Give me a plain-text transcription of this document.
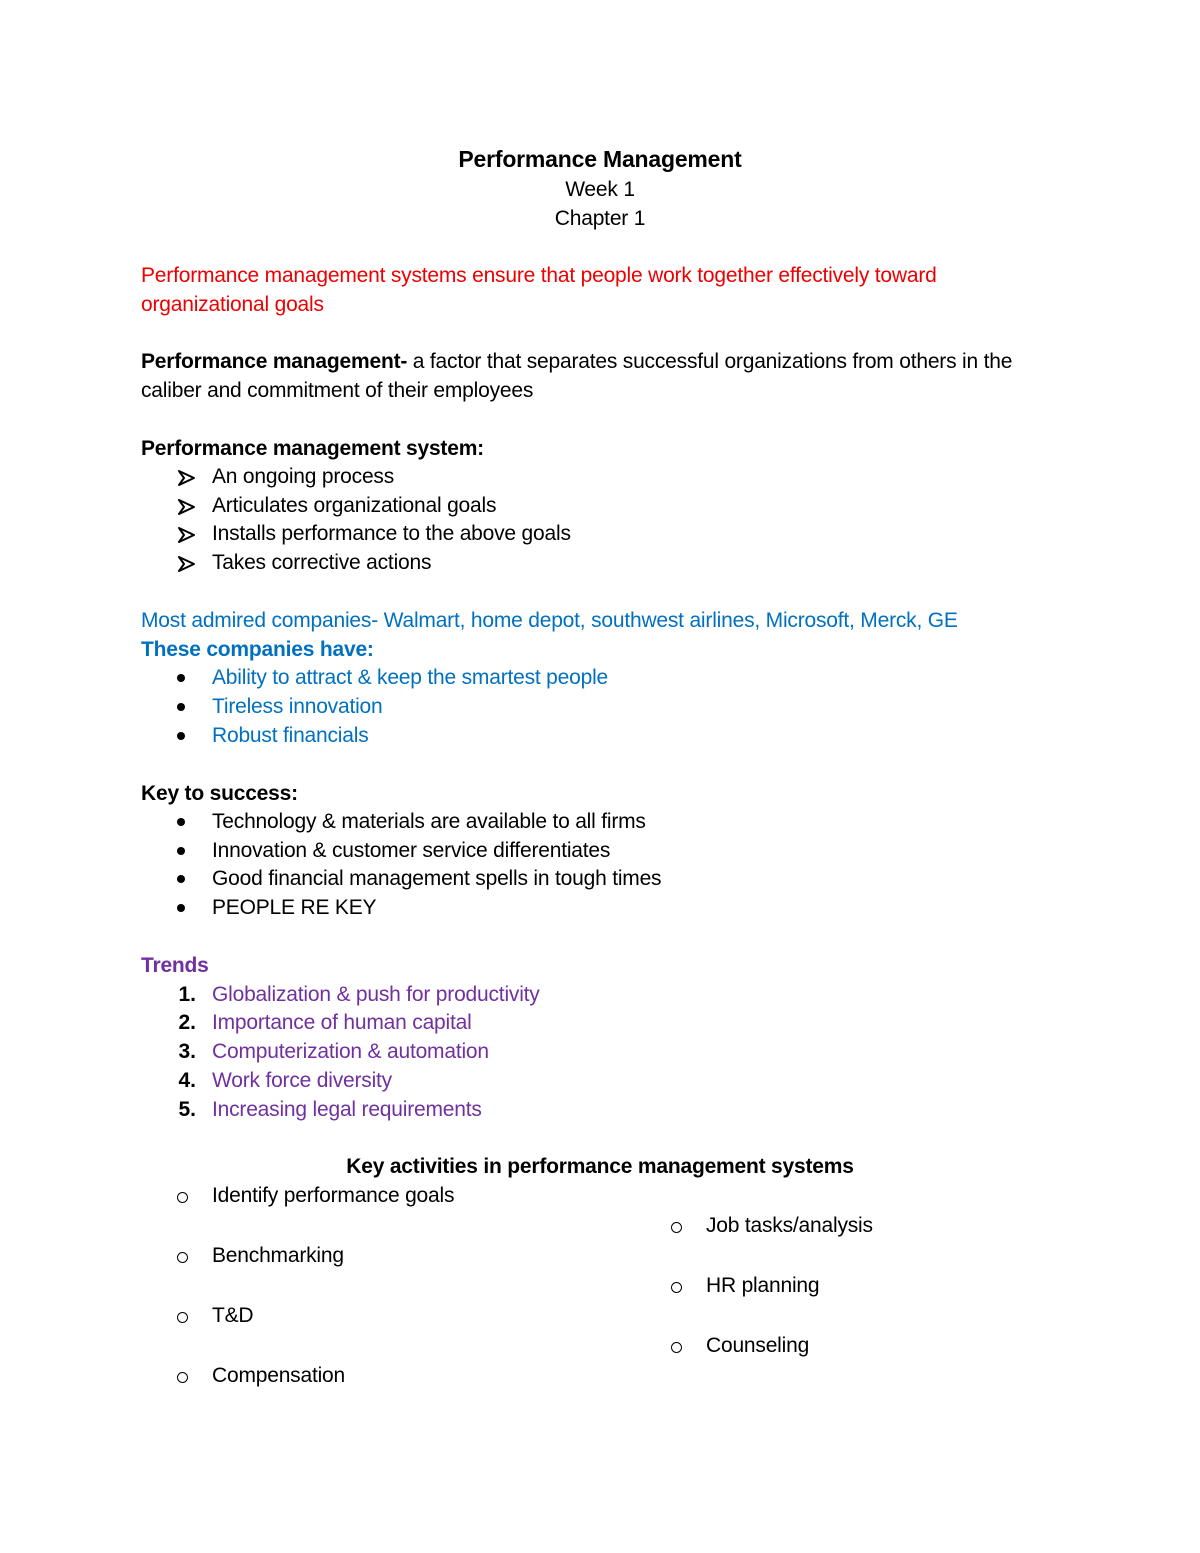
Performance Management
Week 1
Chapter 1
Performance management systems ensure that people work together effectively toward
organizational goals
Performance management- a factor that separates successful organizations from others in the
caliber and commitment of their employees
Performance management system:
An ongoing process
Articulates organizational goals
Installs performance to the above goals
Takes corrective actions
Most admired companies- Walmart, home depot, southwest airlines, Microsoft, Merck, GE
These companies have:
Ability to attract & keep the smartest people
Tireless innovation
Robust financials
Key to success:
Technology & materials are available to all firms
Innovation & customer service differentiates
Good financial management spells in tough times
PEOPLE RE KEY
Trends
1. Globalization & push for productivity
2. Importance of human capital
3. Computerization & automation
4. Work force diversity
5. Increasing legal requirements
Key activities in performance management systems
Identify performance goals
Benchmarking
T&D
Compensation
Job tasks/analysis
HR planning
Counseling
